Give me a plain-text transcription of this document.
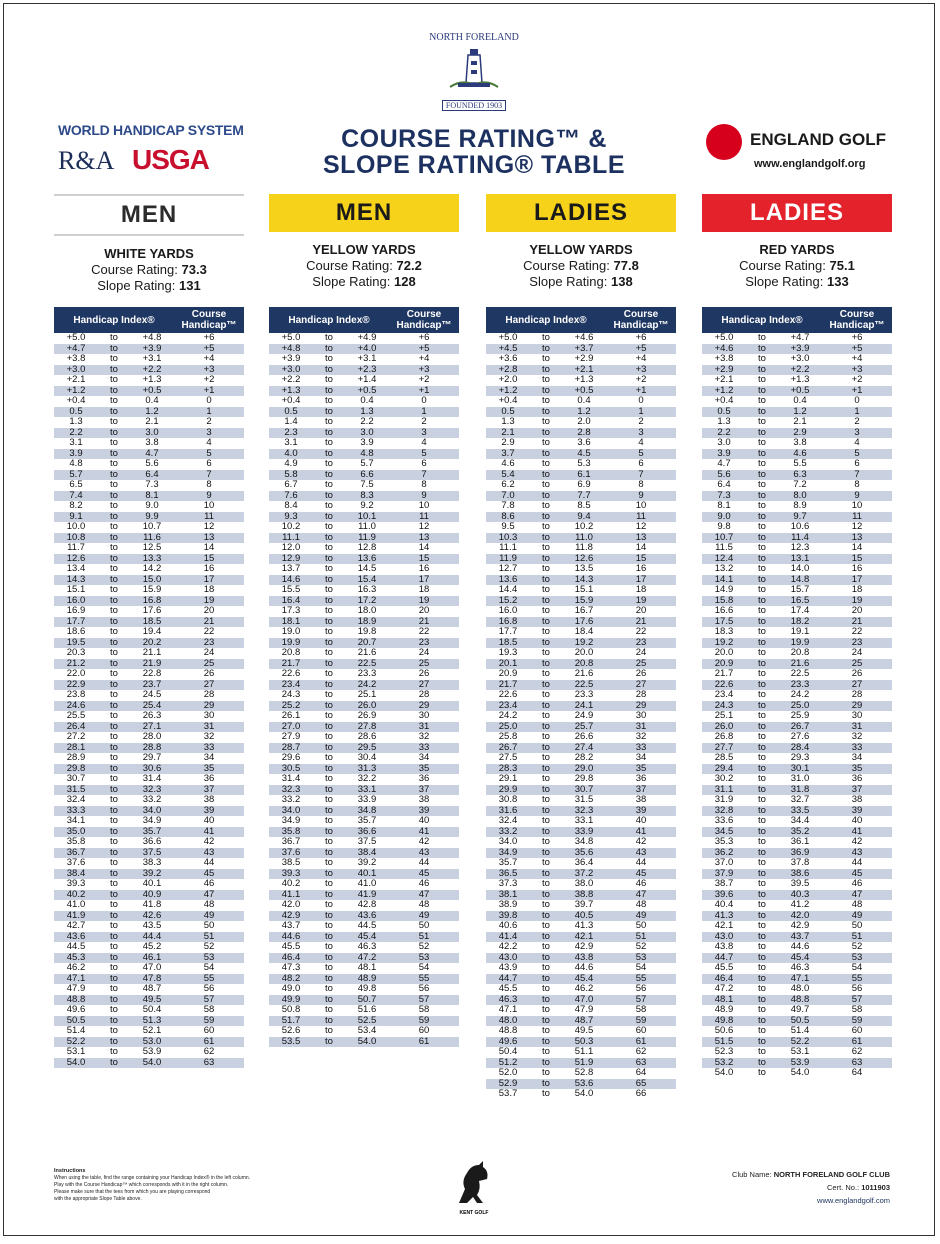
NORTH FORELAND
FOUNDED 1903
WORLD HANDICAP SYSTEM
R&A USGA
COURSE RATING™ &
SLOPE RATING® TABLE
ENGLAND GOLF
www.englandgolf.org
Instructions
When using the table, find the range containing your Handicap Index® in the left column.
Play with the Course Handicap™ which corresponds with it in the right column.
Please make sure that the tees from which you are playing correspond
with the appropriate Slope Table above.
KENT GOLF
Club Name: NORTH FORELAND GOLF CLUB
Cert. No.: 1011903
www.englandgolf.com
MEN
WHITE YARDS
Course Rating: 73.3
Slope Rating: 131
Handicap Index®			Course Handicap™
+5.0	to	+4.8	+6
+4.7	to	+3.9	+5
+3.8	to	+3.1	+4
+3.0	to	+2.2	+3
+2.1	to	+1.3	+2
+1.2	to	+0.5	+1
+0.4	to	0.4	0
0.5	to	1.2	1
1.3	to	2.1	2
2.2	to	3.0	3
3.1	to	3.8	4
3.9	to	4.7	5
4.8	to	5.6	6
5.7	to	6.4	7
6.5	to	7.3	8
7.4	to	8.1	9
8.2	to	9.0	10
9.1	to	9.9	11
10.0	to	10.7	12
10.8	to	11.6	13
11.7	to	12.5	14
12.6	to	13.3	15
13.4	to	14.2	16
14.3	to	15.0	17
15.1	to	15.9	18
16.0	to	16.8	19
16.9	to	17.6	20
17.7	to	18.5	21
18.6	to	19.4	22
19.5	to	20.2	23
20.3	to	21.1	24
21.2	to	21.9	25
22.0	to	22.8	26
22.9	to	23.7	27
23.8	to	24.5	28
24.6	to	25.4	29
25.5	to	26.3	30
26.4	to	27.1	31
27.2	to	28.0	32
28.1	to	28.8	33
28.9	to	29.7	34
29.8	to	30.6	35
30.7	to	31.4	36
31.5	to	32.3	37
32.4	to	33.2	38
33.3	to	34.0	39
34.1	to	34.9	40
35.0	to	35.7	41
35.8	to	36.6	42
36.7	to	37.5	43
37.6	to	38.3	44
38.4	to	39.2	45
39.3	to	40.1	46
40.2	to	40.9	47
41.0	to	41.8	48
41.9	to	42.6	49
42.7	to	43.5	50
43.6	to	44.4	51
44.5	to	45.2	52
45.3	to	46.1	53
46.2	to	47.0	54
47.1	to	47.8	55
47.9	to	48.7	56
48.8	to	49.5	57
49.6	to	50.4	58
50.5	to	51.3	59
51.4	to	52.1	60
52.2	to	53.0	61
53.1	to	53.9	62
54.0	to	54.0	63
MEN
YELLOW YARDS
Course Rating: 72.2
Slope Rating: 128
Handicap Index®			Course Handicap™
+5.0	to	+4.9	+6
+4.8	to	+4.0	+5
+3.9	to	+3.1	+4
+3.0	to	+2.3	+3
+2.2	to	+1.4	+2
+1.3	to	+0.5	+1
+0.4	to	0.4	0
0.5	to	1.3	1
1.4	to	2.2	2
2.3	to	3.0	3
3.1	to	3.9	4
4.0	to	4.8	5
4.9	to	5.7	6
5.8	to	6.6	7
6.7	to	7.5	8
7.6	to	8.3	9
8.4	to	9.2	10
9.3	to	10.1	11
10.2	to	11.0	12
11.1	to	11.9	13
12.0	to	12.8	14
12.9	to	13.6	15
13.7	to	14.5	16
14.6	to	15.4	17
15.5	to	16.3	18
16.4	to	17.2	19
17.3	to	18.0	20
18.1	to	18.9	21
19.0	to	19.8	22
19.9	to	20.7	23
20.8	to	21.6	24
21.7	to	22.5	25
22.6	to	23.3	26
23.4	to	24.2	27
24.3	to	25.1	28
25.2	to	26.0	29
26.1	to	26.9	30
27.0	to	27.8	31
27.9	to	28.6	32
28.7	to	29.5	33
29.6	to	30.4	34
30.5	to	31.3	35
31.4	to	32.2	36
32.3	to	33.1	37
33.2	to	33.9	38
34.0	to	34.8	39
34.9	to	35.7	40
35.8	to	36.6	41
36.7	to	37.5	42
37.6	to	38.4	43
38.5	to	39.2	44
39.3	to	40.1	45
40.2	to	41.0	46
41.1	to	41.9	47
42.0	to	42.8	48
42.9	to	43.6	49
43.7	to	44.5	50
44.6	to	45.4	51
45.5	to	46.3	52
46.4	to	47.2	53
47.3	to	48.1	54
48.2	to	48.9	55
49.0	to	49.8	56
49.9	to	50.7	57
50.8	to	51.6	58
51.7	to	52.5	59
52.6	to	53.4	60
53.5	to	54.0	61
LADIES
YELLOW YARDS
Course Rating: 77.8
Slope Rating: 138
Handicap Index®			Course Handicap™
+5.0	to	+4.6	+6
+4.5	to	+3.7	+5
+3.6	to	+2.9	+4
+2.8	to	+2.1	+3
+2.0	to	+1.3	+2
+1.2	to	+0.5	+1
+0.4	to	0.4	0
0.5	to	1.2	1
1.3	to	2.0	2
2.1	to	2.8	3
2.9	to	3.6	4
3.7	to	4.5	5
4.6	to	5.3	6
5.4	to	6.1	7
6.2	to	6.9	8
7.0	to	7.7	9
7.8	to	8.5	10
8.6	to	9.4	11
9.5	to	10.2	12
10.3	to	11.0	13
11.1	to	11.8	14
11.9	to	12.6	15
12.7	to	13.5	16
13.6	to	14.3	17
14.4	to	15.1	18
15.2	to	15.9	19
16.0	to	16.7	20
16.8	to	17.6	21
17.7	to	18.4	22
18.5	to	19.2	23
19.3	to	20.0	24
20.1	to	20.8	25
20.9	to	21.6	26
21.7	to	22.5	27
22.6	to	23.3	28
23.4	to	24.1	29
24.2	to	24.9	30
25.0	to	25.7	31
25.8	to	26.6	32
26.7	to	27.4	33
27.5	to	28.2	34
28.3	to	29.0	35
29.1	to	29.8	36
29.9	to	30.7	37
30.8	to	31.5	38
31.6	to	32.3	39
32.4	to	33.1	40
33.2	to	33.9	41
34.0	to	34.8	42
34.9	to	35.6	43
35.7	to	36.4	44
36.5	to	37.2	45
37.3	to	38.0	46
38.1	to	38.8	47
38.9	to	39.7	48
39.8	to	40.5	49
40.6	to	41.3	50
41.4	to	42.1	51
42.2	to	42.9	52
43.0	to	43.8	53
43.9	to	44.6	54
44.7	to	45.4	55
45.5	to	46.2	56
46.3	to	47.0	57
47.1	to	47.9	58
48.0	to	48.7	59
48.8	to	49.5	60
49.6	to	50.3	61
50.4	to	51.1	62
51.2	to	51.9	63
52.0	to	52.8	64
52.9	to	53.6	65
53.7	to	54.0	66
LADIES
RED YARDS
Course Rating: 75.1
Slope Rating: 133
Handicap Index®			Course Handicap™
+5.0	to	+4.7	+6
+4.6	to	+3.9	+5
+3.8	to	+3.0	+4
+2.9	to	+2.2	+3
+2.1	to	+1.3	+2
+1.2	to	+0.5	+1
+0.4	to	0.4	0
0.5	to	1.2	1
1.3	to	2.1	2
2.2	to	2.9	3
3.0	to	3.8	4
3.9	to	4.6	5
4.7	to	5.5	6
5.6	to	6.3	7
6.4	to	7.2	8
7.3	to	8.0	9
8.1	to	8.9	10
9.0	to	9.7	11
9.8	to	10.6	12
10.7	to	11.4	13
11.5	to	12.3	14
12.4	to	13.1	15
13.2	to	14.0	16
14.1	to	14.8	17
14.9	to	15.7	18
15.8	to	16.5	19
16.6	to	17.4	20
17.5	to	18.2	21
18.3	to	19.1	22
19.2	to	19.9	23
20.0	to	20.8	24
20.9	to	21.6	25
21.7	to	22.5	26
22.6	to	23.3	27
23.4	to	24.2	28
24.3	to	25.0	29
25.1	to	25.9	30
26.0	to	26.7	31
26.8	to	27.6	32
27.7	to	28.4	33
28.5	to	29.3	34
29.4	to	30.1	35
30.2	to	31.0	36
31.1	to	31.8	37
31.9	to	32.7	38
32.8	to	33.5	39
33.6	to	34.4	40
34.5	to	35.2	41
35.3	to	36.1	42
36.2	to	36.9	43
37.0	to	37.8	44
37.9	to	38.6	45
38.7	to	39.5	46
39.6	to	40.3	47
40.4	to	41.2	48
41.3	to	42.0	49
42.1	to	42.9	50
43.0	to	43.7	51
43.8	to	44.6	52
44.7	to	45.4	53
45.5	to	46.3	54
46.4	to	47.1	55
47.2	to	48.0	56
48.1	to	48.8	57
48.9	to	49.7	58
49.8	to	50.5	59
50.6	to	51.4	60
51.5	to	52.2	61
52.3	to	53.1	62
53.2	to	53.9	63
54.0	to	54.0	64
